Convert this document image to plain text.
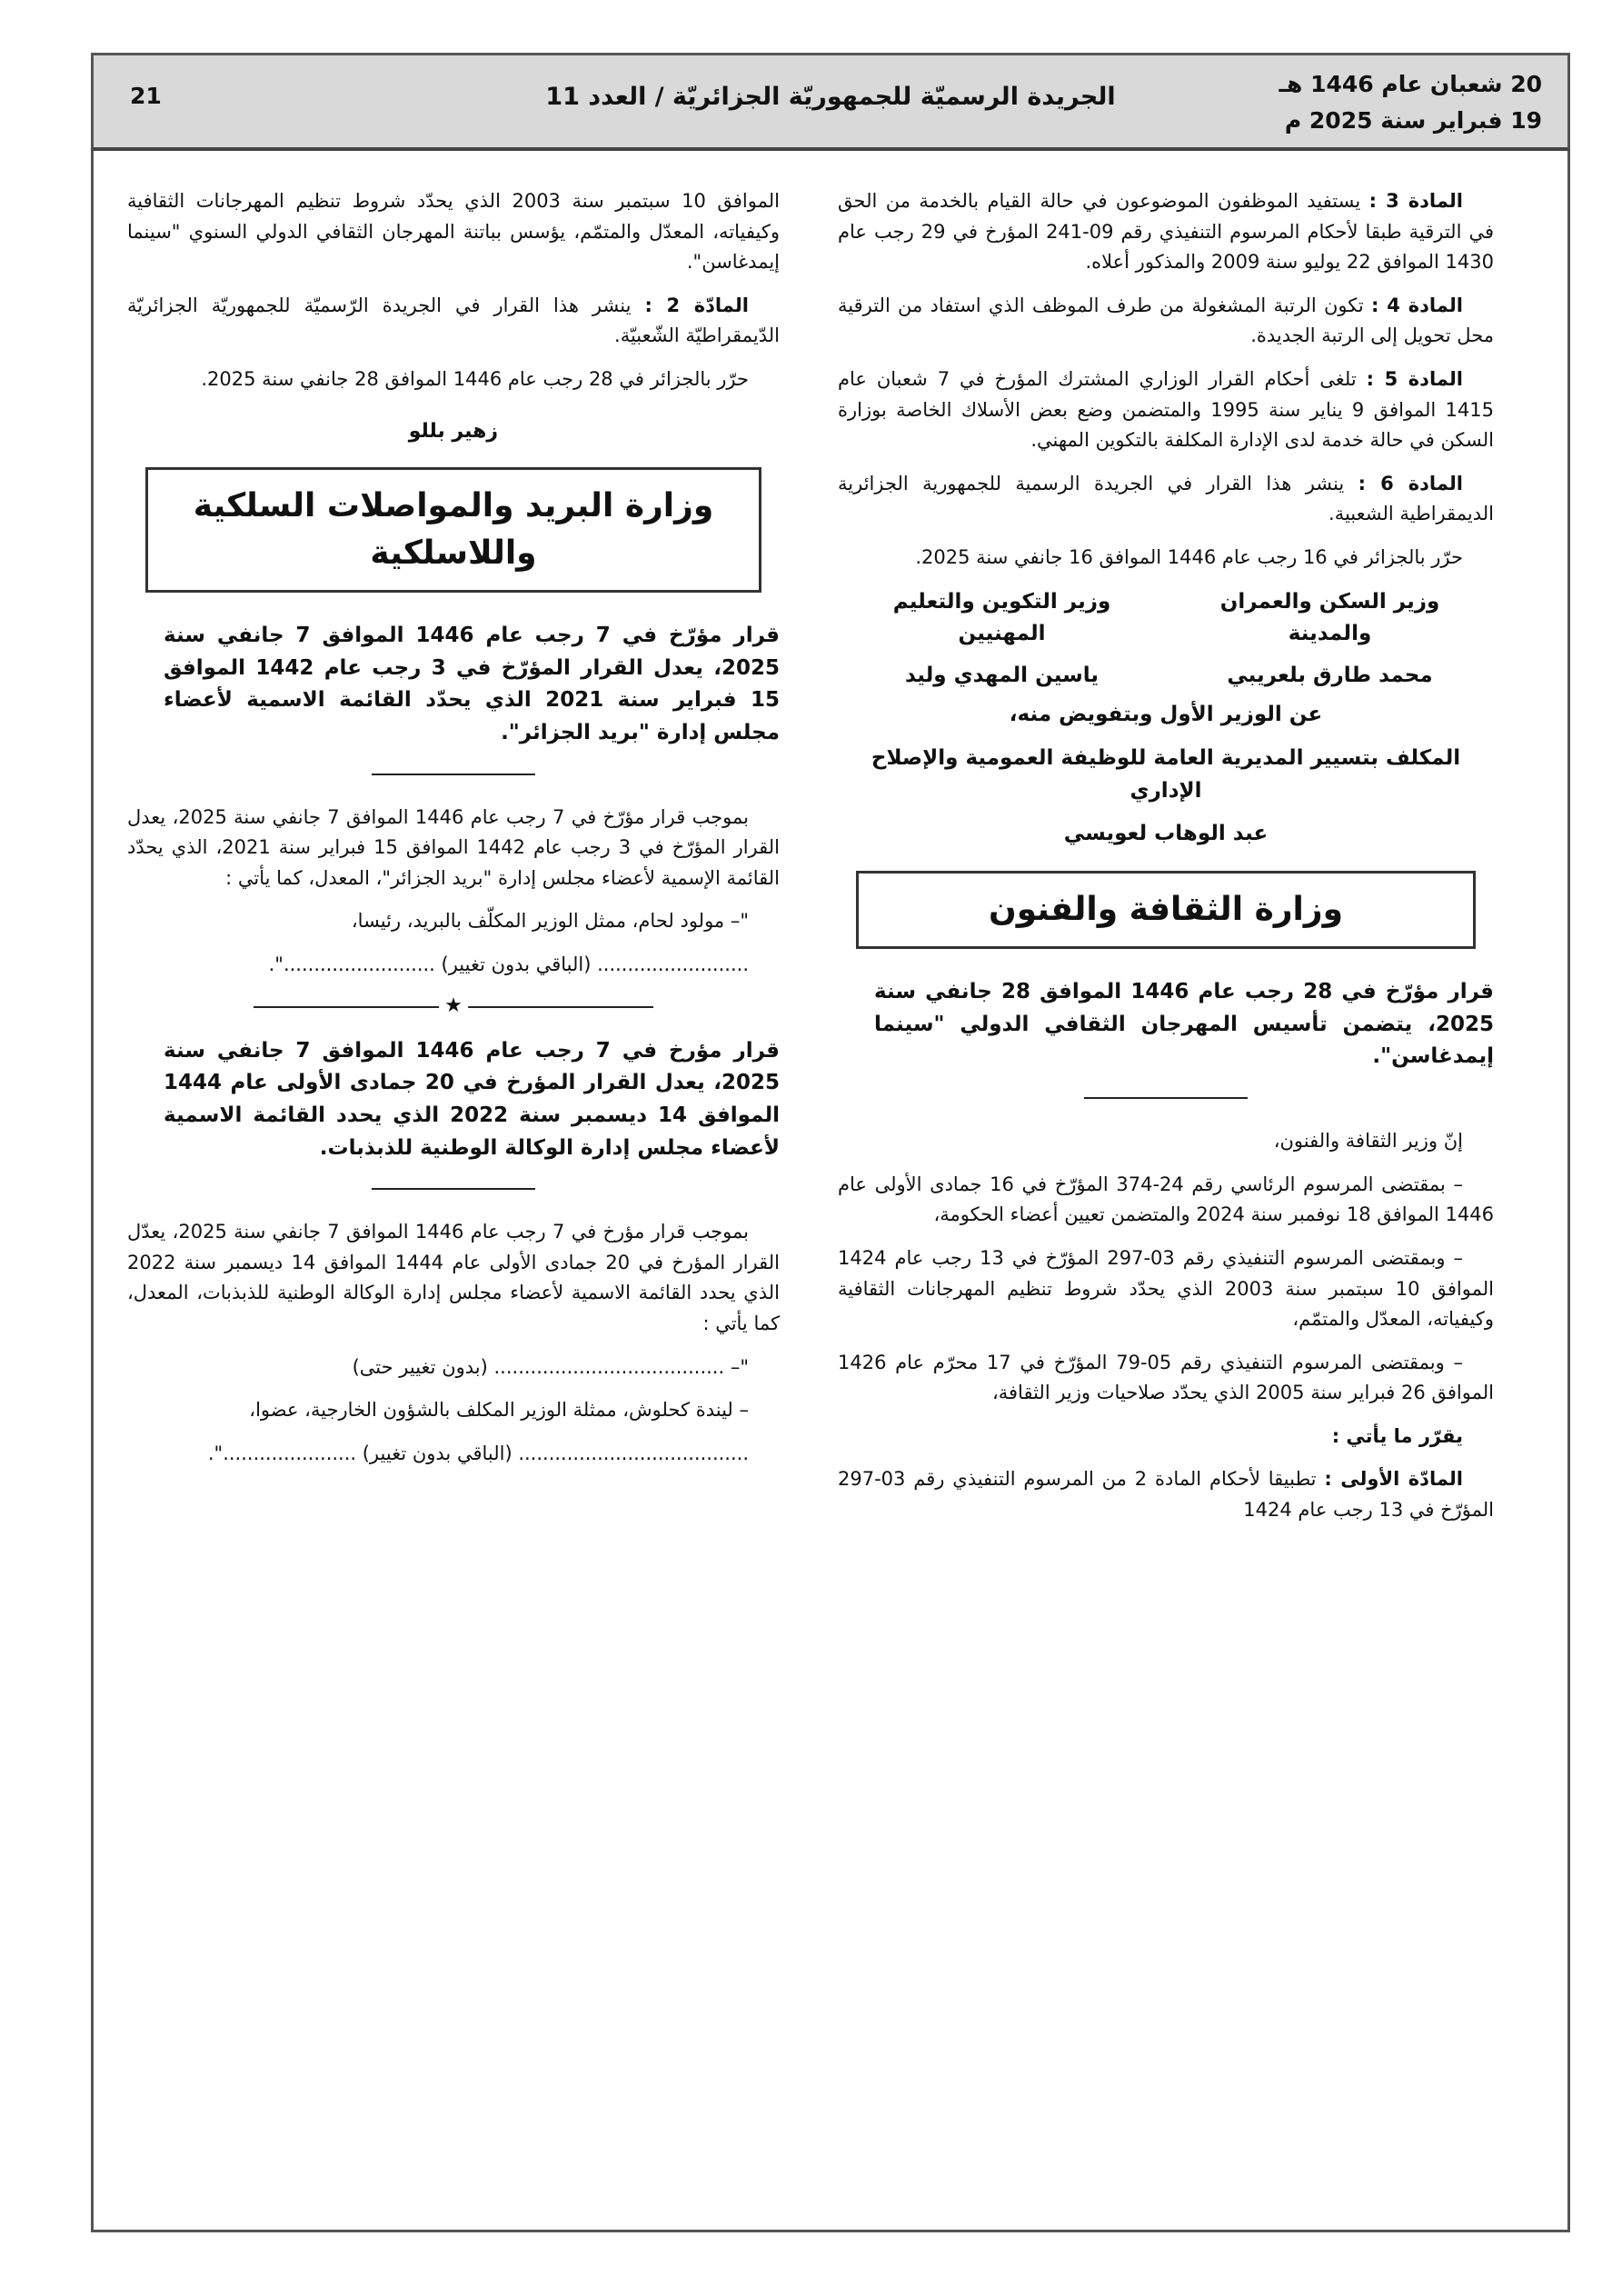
20 شعبان عام 1446 هـ
19 فبراير سنة 2025 م
الجريدة الرسميّة للجمهوريّة الجزائريّة / العدد 11
21

المادة 3 : يستفيد الموظفون الموضوعون في حالة القيام بالخدمة من الحق في الترقية طبقا لأحكام المرسوم التنفيذي رقم 09-241 المؤرخ في 29 رجب عام 1430 الموافق 22 يوليو سنة 2009 والمذكور أعلاه.

المادة 4 : تكون الرتبة المشغولة من طرف الموظف الذي استفاد من الترقية محل تحويل إلى الرتبة الجديدة.

المادة 5 : تلغى أحكام القرار الوزاري المشترك المؤرخ في 7 شعبان عام 1415 الموافق 9 يناير سنة 1995 والمتضمن وضع بعض الأسلاك الخاصة بوزارة السكن في حالة خدمة لدى الإدارة المكلفة بالتكوين المهني.

المادة 6 : ينشر هذا القرار في الجريدة الرسمية للجمهورية الجزائرية الديمقراطية الشعبية.

حرّر بالجزائر في 16 رجب عام 1446 الموافق 16 جانفي سنة 2025.

وزير السكن والعمران والمدينة
وزير التكوين والتعليم المهنيين
محمد طارق بلعريبي
ياسين المهدي وليد
عن الوزير الأول وبتفويض منه،
المكلف بتسيير المديرية العامة للوظيفة العمومية والإصلاح الإداري
عبد الوهاب لعويسي
وزارة الثقافة والفنون

قرار مؤرّخ في 28 رجب عام 1446 الموافق 28 جانفي سنة 2025، يتضمن تأسيس المهرجان الثقافي الدولي "سينما إيمدغاسن".

إنّ وزير الثقافة والفنون،

– بمقتضى المرسوم الرئاسي رقم 24-374 المؤرّخ في 16 جمادى الأولى عام 1446 الموافق 18 نوفمبر سنة 2024 والمتضمن تعيين أعضاء الحكومة،

– وبمقتضى المرسوم التنفيذي رقم 03-297 المؤرّخ في 13 رجب عام 1424 الموافق 10 سبتمبر سنة 2003 الذي يحدّد شروط تنظيم المهرجانات الثقافية وكيفياته، المعدّل والمتمّم،

– وبمقتضى المرسوم التنفيذي رقم 05-79 المؤرّخ في 17 محرّم عام 1426 الموافق 26 فبراير سنة 2005 الذي يحدّد صلاحيات وزير الثقافة،

يقرّر ما يأتي :

المادّة الأولى : تطبيقا لأحكام المادة 2 من المرسوم التنفيذي رقم 03-297 المؤرّخ في 13 رجب عام 1424

الموافق 10 سبتمبر سنة 2003 الذي يحدّد شروط تنظيم المهرجانات الثقافية وكيفياته، المعدّل والمتمّم، يؤسس بباتنة المهرجان الثقافي الدولي السنوي "سينما إيمدغاسن".

المادّة 2 : ينشر هذا القرار في الجريدة الرّسميّة للجمهوريّة الجزائريّة الدّيمقراطيّة الشّعبيّة.

حرّر بالجزائر في 28 رجب عام 1446 الموافق 28 جانفي سنة 2025.

زهير بللو
وزارة البريد والمواصلات السلكية واللاسلكية

قرار مؤرّخ في 7 رجب عام 1446 الموافق 7 جانفي سنة 2025، يعدل القرار المؤرّخ في 3 رجب عام 1442 الموافق 15 فبراير سنة 2021 الذي يحدّد القائمة الاسمية لأعضاء مجلس إدارة "بريد الجزائر".

بموجب قرار مؤرّخ في 7 رجب عام 1446 الموافق 7 جانفي سنة 2025، يعدل القرار المؤرّخ في 3 رجب عام 1442 الموافق 15 فبراير سنة 2021، الذي يحدّد القائمة الإسمية لأعضاء مجلس إدارة "بريد الجزائر"، المعدل، كما يأتي :

"– مولود لحام، ممثل الوزير المكلّف بالبريد، رئيسا،

......................... (الباقي بدون تغيير) .........................".

★

قرار مؤرخ في 7 رجب عام 1446 الموافق 7 جانفي سنة 2025، يعدل القرار المؤرخ في 20 جمادى الأولى عام 1444 الموافق 14 ديسمبر سنة 2022 الذي يحدد القائمة الاسمية لأعضاء مجلس إدارة الوكالة الوطنية للذبذبات.

بموجب قرار مؤرخ في 7 رجب عام 1446 الموافق 7 جانفي سنة 2025، يعدّل القرار المؤرخ في 20 جمادى الأولى عام 1444 الموافق 14 ديسمبر سنة 2022 الذي يحدد القائمة الاسمية لأعضاء مجلس إدارة الوكالة الوطنية للذبذبات، المعدل، كما يأتي :

"– ...................................... (بدون تغيير حتى)

– ليندة كحلوش، ممثلة الوزير المكلف بالشؤون الخارجية، عضوا،

...................................... (الباقي بدون تغيير) ......................".
